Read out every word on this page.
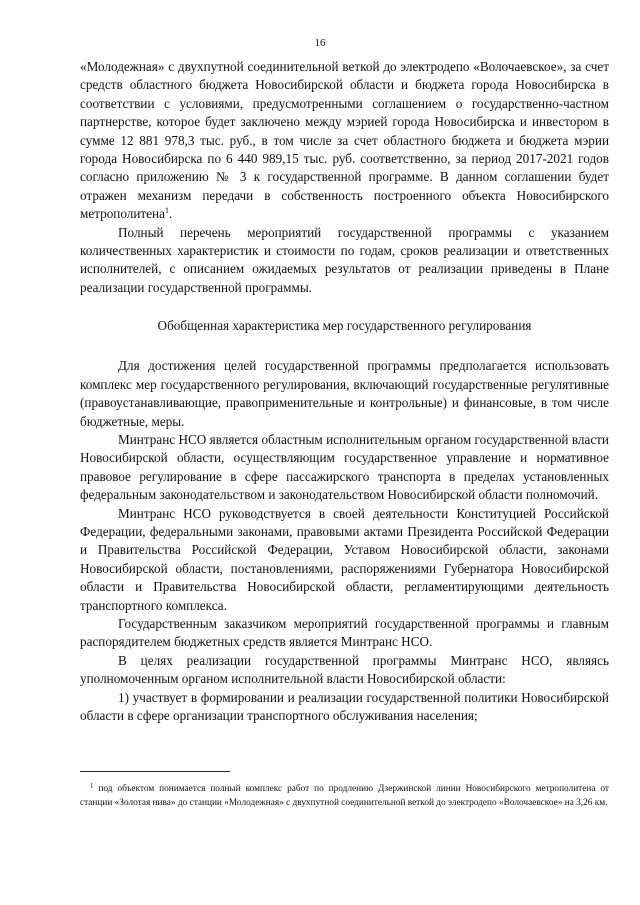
16

«Молодежная» с двухпутной соединительной веткой до электродепо «Волочаевское», за счет средств областного бюджета Новосибирской области и бюджета города Новосибирска в соответствии с условиями, предусмотренными соглашением о государственно-частном партнерстве, которое будет заключено между мэрией города Новосибирска и инвестором в сумме 12 881 978,3 тыс. руб., в том числе за счет областного бюджета и бюджета мэрии города Новосибирска по 6 440 989,15 тыс. руб. соответственно, за период 2017-2021 годов согласно приложению № 3 к государственной программе. В данном соглашении будет отражен механизм передачи в собственность построенного объекта Новосибирского метрополитена$^1$.

Полный перечень мероприятий государственной программы с указанием количественных характеристик и стоимости по годам, сроков реализации и ответственных исполнителей, с описанием ожидаемых результатов от реализации приведены в Плане реализации государственной программы.

Обобщенная характеристика мер государственного регулирования

Для достижения целей государственной программы предполагается использовать комплекс мер государственного регулирования, включающий государственные регулятивные (правоустанавливающие, правоприменительные и контрольные) и финансовые, в том числе бюджетные, меры.

Минтранс НСО является областным исполнительным органом государственной власти Новосибирской области, осуществляющим государственное управление и нормативное правовое регулирование в сфере пассажирского транспорта в пределах установленных федеральным законодательством и законодательством Новосибирской области полномочий.

Минтранс НСО руководствуется в своей деятельности Конституцией Российской Федерации, федеральными законами, правовыми актами Президента Российской Федерации и Правительства Российской Федерации, Уставом Новосибирской области, законами Новосибирской области, постановлениями, распоряжениями Губернатора Новосибирской области и Правительства Новосибирской области, регламентирующими деятельность транспортного комплекса.

Государственным заказчиком мероприятий государственной программы и главным распорядителем бюджетных средств является Минтранс НСО.

В целях реализации государственной программы Минтранс НСО, являясь уполномоченным органом исполнительной власти Новосибирской области:

1) участвует в формировании и реализации государственной политики Новосибирской области в сфере организации транспортного обслуживания населения;

$^1$ под объектом понимается полный комплекс работ по продлению Дзержинской линии Новосибирского метрополитена от станции «Золотая нива» до станции «Молодежная» с двухпутной соединительной веткой до электродепо «Волочаевское» на 3,26 км.
